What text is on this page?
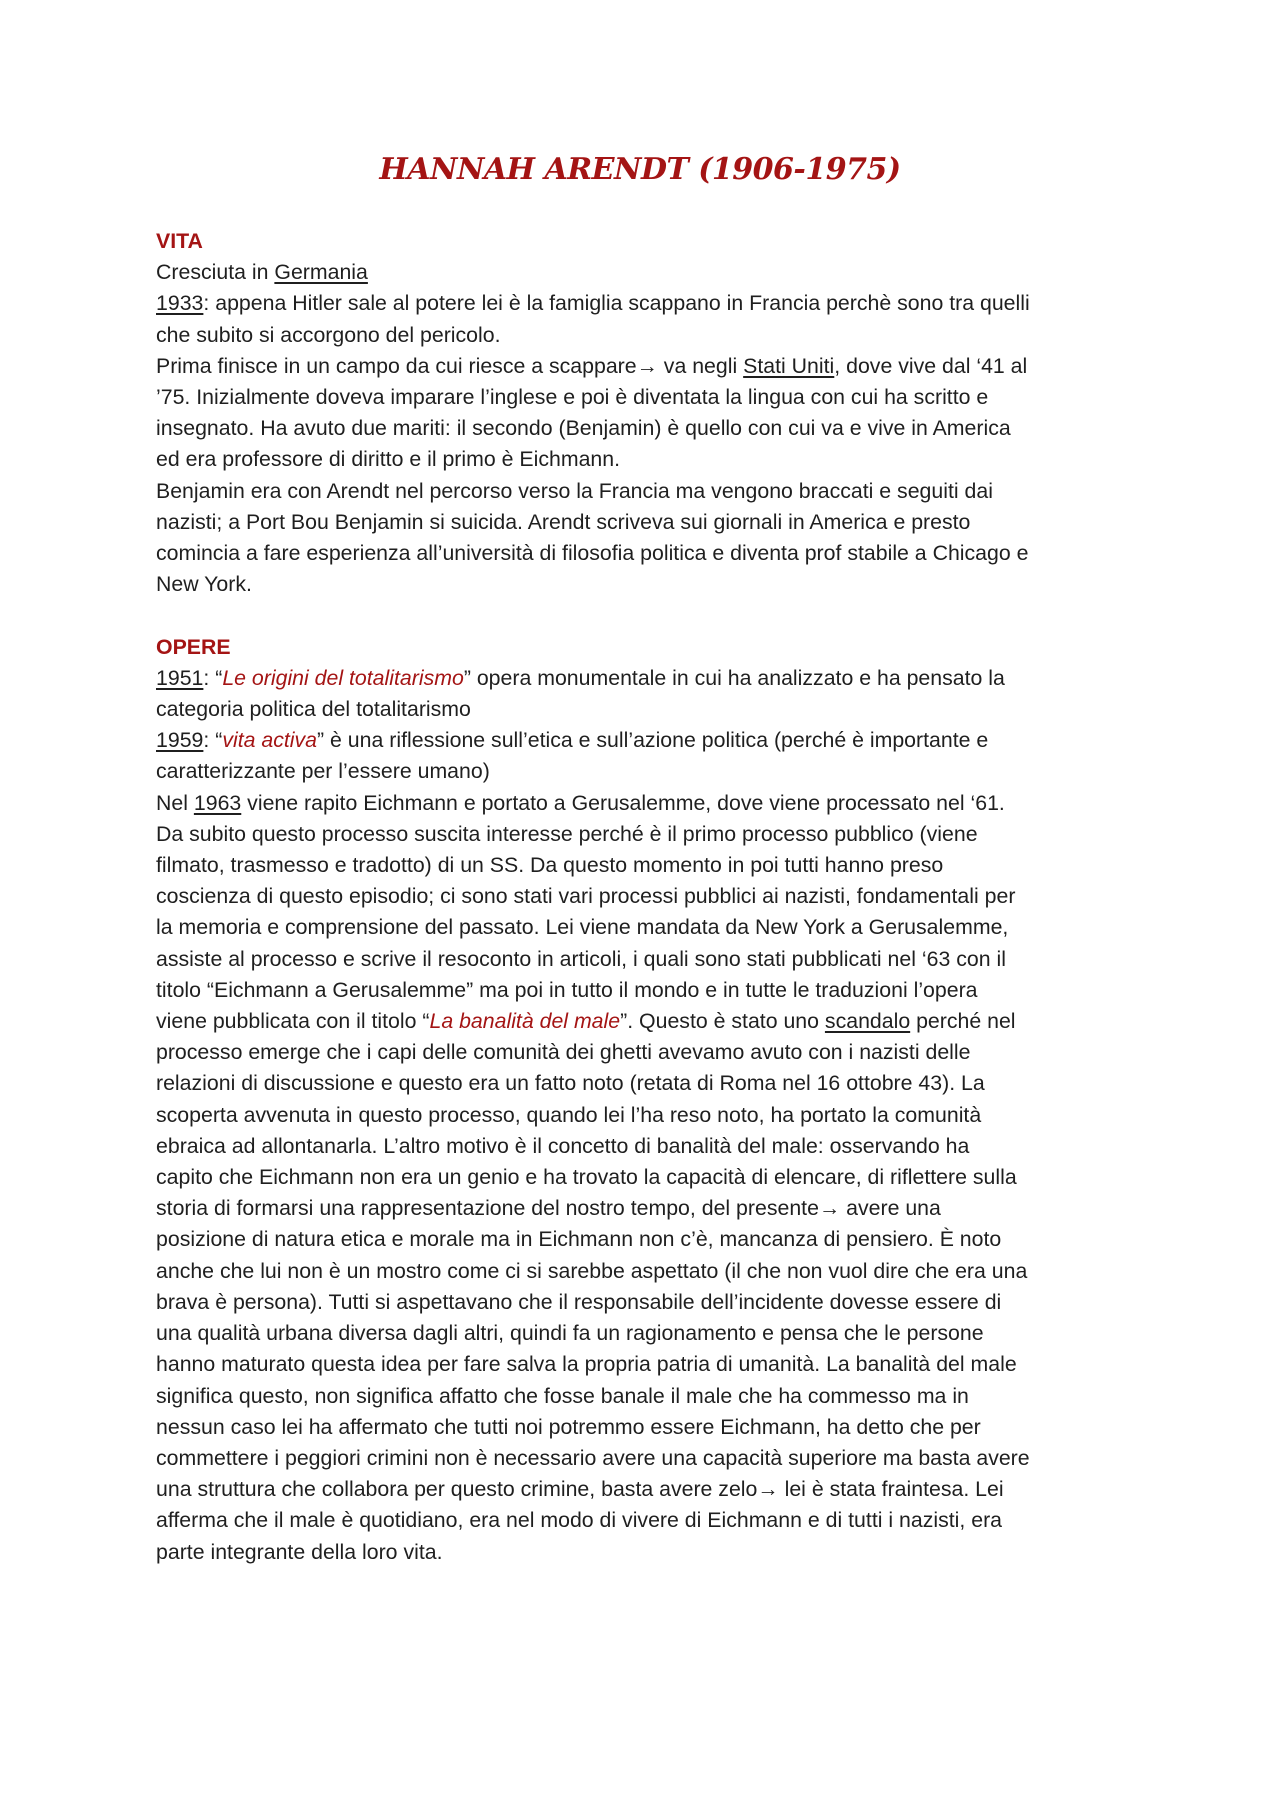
HANNAH ARENDT (1906-1975)
VITA

Cresciuta in Germania

1933: appena Hitler sale al potere lei è la famiglia scappano in Francia perchè sono tra quelli

che subito si accorgono del pericolo.

Prima finisce in un campo da cui riesce a scappare→ va negli Stati Uniti, dove vive dal ‘41 al

’75. Inizialmente doveva imparare l’inglese e poi è diventata la lingua con cui ha scritto e

insegnato. Ha avuto due mariti: il secondo (Benjamin) è quello con cui va e vive in America

ed era professore di diritto e il primo è Eichmann.

Benjamin era con Arendt nel percorso verso la Francia ma vengono braccati e seguiti dai

nazisti; a Port Bou Benjamin si suicida. Arendt scriveva sui giornali in America e presto

comincia a fare esperienza all’università di filosofia politica e diventa prof stabile a Chicago e

New York.

OPERE

1951: “Le origini del totalitarismo” opera monumentale in cui ha analizzato e ha pensato la

categoria politica del totalitarismo

1959: “vita activa” è una riflessione sull’etica e sull’azione politica (perché è importante e

caratterizzante per l’essere umano)

Nel 1963 viene rapito Eichmann e portato a Gerusalemme, dove viene processato nel ‘61.

Da subito questo processo suscita interesse perché è il primo processo pubblico (viene

filmato, trasmesso e tradotto) di un SS. Da questo momento in poi tutti hanno preso

coscienza di questo episodio; ci sono stati vari processi pubblici ai nazisti, fondamentali per

la memoria e comprensione del passato. Lei viene mandata da New York a Gerusalemme,

assiste al processo e scrive il resoconto in articoli, i quali sono stati pubblicati nel ‘63 con il

titolo “Eichmann a Gerusalemme” ma poi in tutto il mondo e in tutte le traduzioni l’opera

viene pubblicata con il titolo “La banalità del male”. Questo è stato uno scandalo perché nel

processo emerge che i capi delle comunità dei ghetti avevamo avuto con i nazisti delle

relazioni di discussione e questo era un fatto noto (retata di Roma nel 16 ottobre 43). La

scoperta avvenuta in questo processo, quando lei l’ha reso noto, ha portato la comunità

ebraica ad allontanarla. L’altro motivo è il concetto di banalità del male: osservando ha

capito che Eichmann non era un genio e ha trovato la capacità di elencare, di riflettere sulla

storia di formarsi una rappresentazione del nostro tempo, del presente→ avere una

posizione di natura etica e morale ma in Eichmann non c’è, mancanza di pensiero. È noto

anche che lui non è un mostro come ci si sarebbe aspettato (il che non vuol dire che era una

brava è persona). Tutti si aspettavano che il responsabile dell’incidente dovesse essere di

una qualità urbana diversa dagli altri, quindi fa un ragionamento e pensa che le persone

hanno maturato questa idea per fare salva la propria patria di umanità. La banalità del male

significa questo, non significa affatto che fosse banale il male che ha commesso ma in

nessun caso lei ha affermato che tutti noi potremmo essere Eichmann, ha detto che per

commettere i peggiori crimini non è necessario avere una capacità superiore ma basta avere

una struttura che collabora per questo crimine, basta avere zelo→ lei è stata fraintesa. Lei

afferma che il male è quotidiano, era nel modo di vivere di Eichmann e di tutti i nazisti, era

parte integrante della loro vita.
